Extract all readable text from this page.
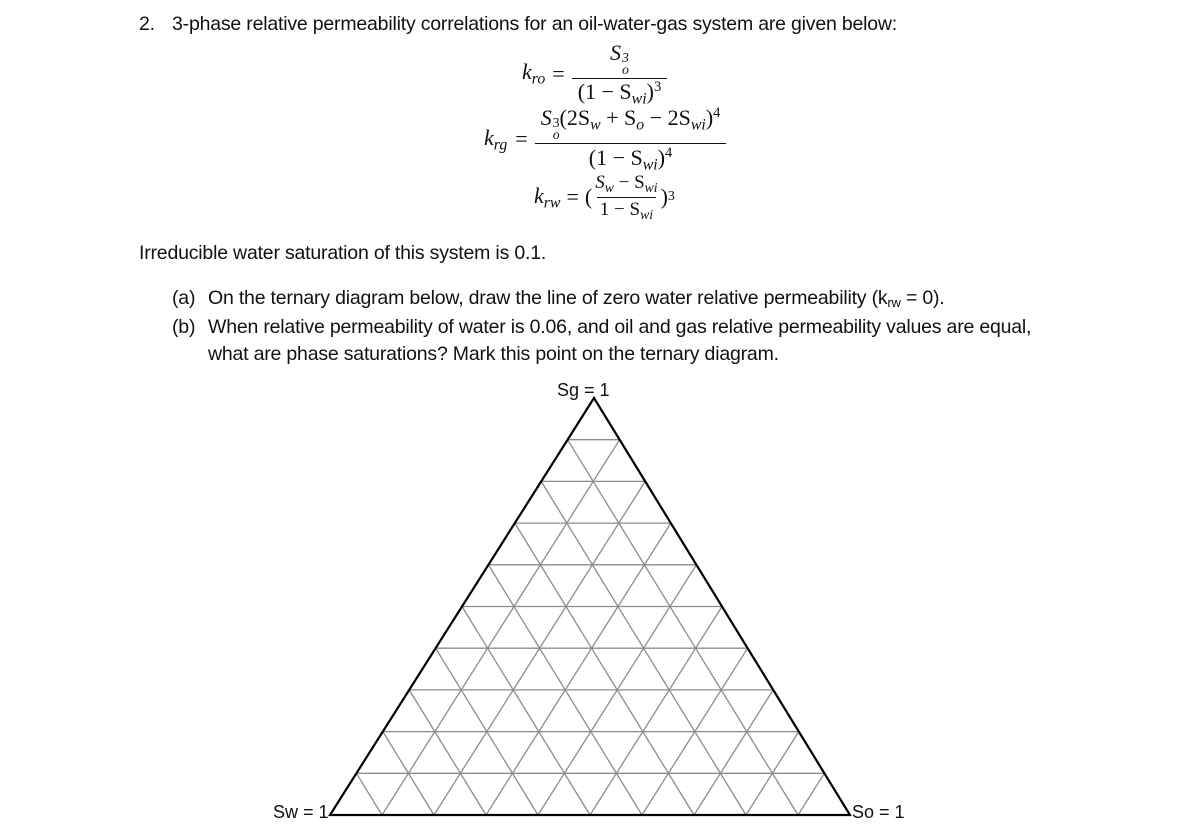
2. 3-phase relative permeability correlations for an oil-water-gas system are given below:
$k_{ro} = S$ 3
o
$(1 - S_{wi})^3$
$k_{rg} = S$ 3
o
$(2S_w + S_o - 2S_{wi})^4$
$(1 - S_{wi})^4$
$k_{rw}$ = ( $\frac{S_w - S_{wi}}{1 - S_{wi}}$ ) 3
Irreducible water saturation of this system is 0.1.
(a) On the ternary diagram below, draw the line of zero water relative permeability (krw = 0).
(b) When relative permeability of water is 0.06, and oil and gas relative permeability values are equal,
what are phase saturations? Mark this point on the ternary diagram.
Sg = 1
Sw = 1	So = 1
